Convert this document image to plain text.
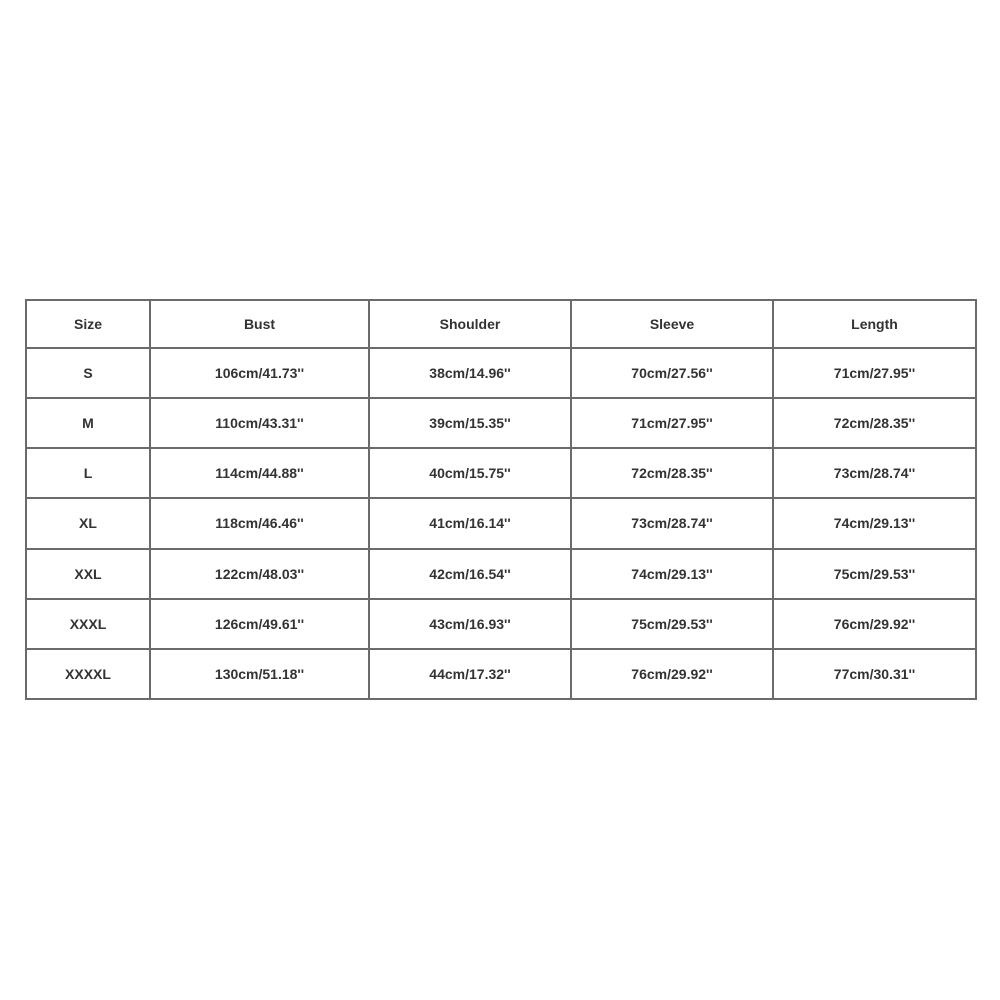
Size	Bust	Shoulder	Sleeve	Length
S	106cm/41.73''	38cm/14.96''	70cm/27.56''	71cm/27.95''
M	110cm/43.31''	39cm/15.35''	71cm/27.95''	72cm/28.35''
L	114cm/44.88''	40cm/15.75''	72cm/28.35''	73cm/28.74''
XL	118cm/46.46''	41cm/16.14''	73cm/28.74''	74cm/29.13''
XXL	122cm/48.03''	42cm/16.54''	74cm/29.13''	75cm/29.53''
XXXL	126cm/49.61''	43cm/16.93''	75cm/29.53''	76cm/29.92''
XXXXL	130cm/51.18''	44cm/17.32''	76cm/29.92''	77cm/30.31''
